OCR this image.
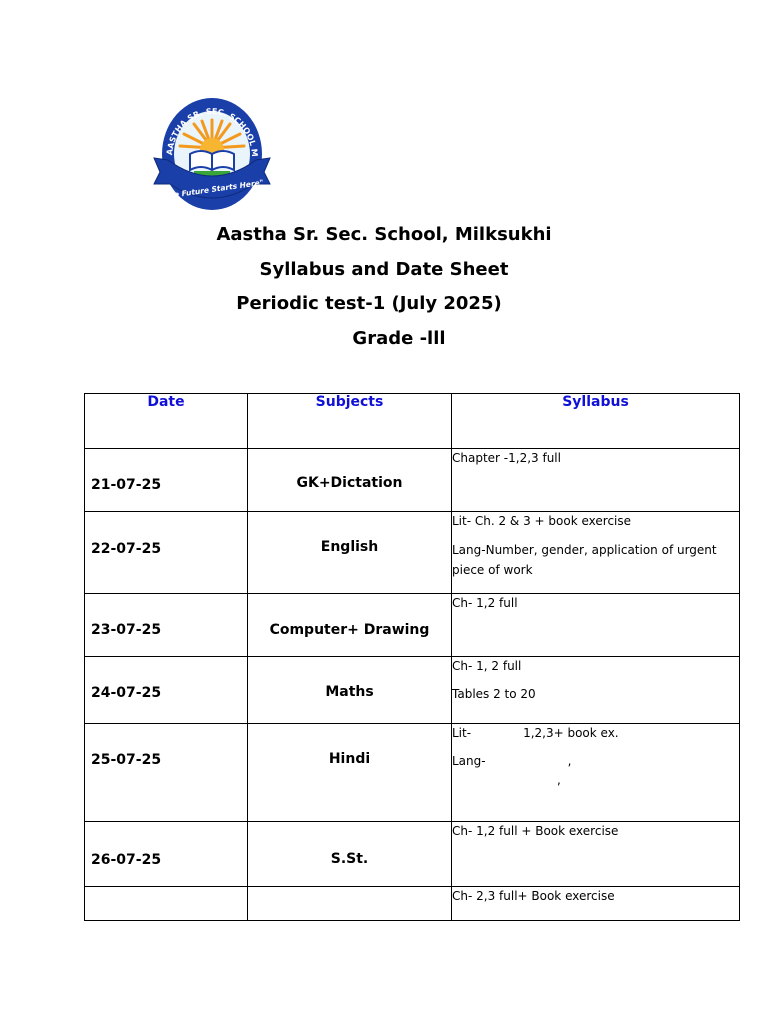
AASTHA SR. SEC. SCHOOL M
"The Future Starts Here"
Aastha Sr. Sec. School, Milksukhi
Syllabus and Date Sheet
Periodic test-1 (July 2025)
Grade -lll
Date	Subjects	Syllabus

21-07-25	GK+Dictation	Chapter -1,2,3 full

22-07-25	English	Lit- Ch. 2 & 3 + book exercise

Lang-Number, gender, application of urgent piece of work

23-07-25	Computer+ Drawing	Ch- 1,2 full

24-07-25	Maths	Ch- 1, 2 full

Tables 2 to 20

25-07-25	Hindi	Lit- 1,2,3+ book ex.

Lang- ,

,

26-07-25	S.St.	Ch- 1,2 full + Book exercise

		Ch- 2,3 full+ Book exercise
